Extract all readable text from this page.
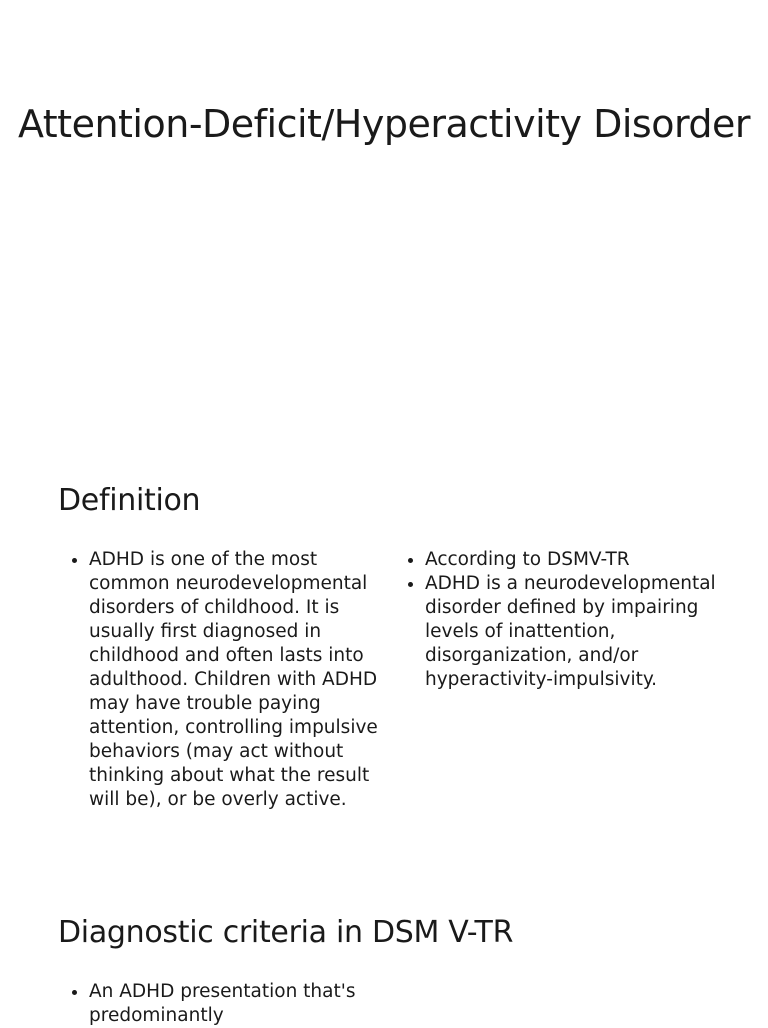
Attention-Deficit/Hyperactivity Disorder
Definition
ADHD is one of the most common neurodevelopmental disorders of childhood. It is usually first diagnosed in childhood and often lasts into adulthood. Children with ADHD may have trouble paying attention, controlling impulsive behaviors (may act without thinking about what the result will be), or be overly active.
According to DSMV-TR
ADHD is a neurodevelopmental disorder defined by impairing levels of inattention, disorganization, and/or hyperactivity-impulsivity.
Diagnostic criteria in DSM V-TR
An ADHD presentation that's predominantly
